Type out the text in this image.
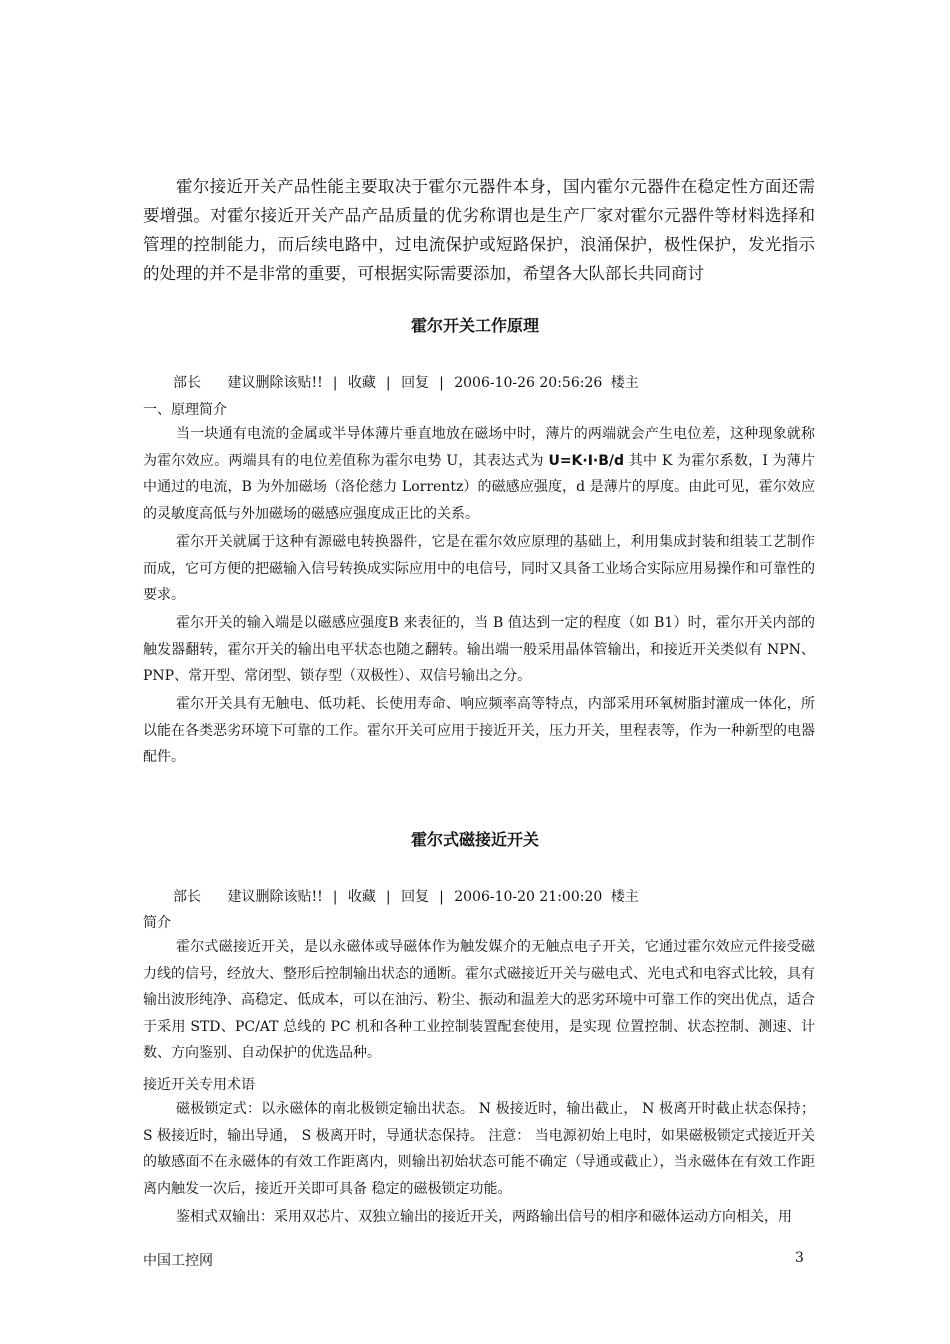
霍尔接近开关产品性能主要取决于霍尔元器件本身，国内霍尔元器件在稳定性方面还需要增强。对霍尔接近开关产品产品质量的优劣称谓也是生产厂家对霍尔元器件等材料选择和管理的控制能力，而后续电路中，过电流保护或短路保护，浪涌保护，极性保护，发光指示的处理的并不是非常的重要，可根据实际需要添加，希望各大队部长共同商讨

霍尔开关工作原理
部长 建议删除该贴!! | 收藏 | 回复 | 2006-10-26 20:56:26 楼主

一、原理简介

当一块通有电流的金属或半导体薄片垂直地放在磁场中时，薄片的两端就会产生电位差，这种现象就称为霍尔效应。两端具有的电位差值称为霍尔电势 U，其表达式为 U=K·I·B/d 其中 K 为霍尔系数，I 为薄片中通过的电流，B 为外加磁场（洛伦慈力 Lorrentz）的磁感应强度，d 是薄片的厚度。由此可见，霍尔效应的灵敏度高低与外加磁场的磁感应强度成正比的关系。

霍尔开关就属于这种有源磁电转换器件，它是在霍尔效应原理的基础上，利用集成封装和组装工艺制作而成，它可方便的把磁输入信号转换成实际应用中的电信号，同时又具备工业场合实际应用易操作和可靠性的要求。

霍尔开关的输入端是以磁感应强度B 来表征的，当 B 值达到一定的程度（如 B1）时，霍尔开关内部的触发器翻转，霍尔开关的输出电平状态也随之翻转。输出端一般采用晶体管输出，和接近开关类似有 NPN、PNP、常开型、常闭型、锁存型（双极性）、双信号输出之分。

霍尔开关具有无触电、低功耗、长使用寿命、响应频率高等特点，内部采用环氧树脂封灌成一体化，所以能在各类恶劣环境下可靠的工作。霍尔开关可应用于接近开关，压力开关，里程表等，作为一种新型的电器配件。

霍尔式磁接近开关
部长 建议删除该贴!! | 收藏 | 回复 | 2006-10-20 21:00:20 楼主

简介

霍尔式磁接近开关，是以永磁体或导磁体作为触发媒介的无触点电子开关，它通过霍尔效应元件接受磁力线的信号，经放大、整形后控制输出状态的通断。霍尔式磁接近开关与磁电式、光电式和电容式比较，具有输出波形纯净、高稳定、低成本，可以在油污、粉尘、振动和温差大的恶劣环境中可靠工作的突出优点，适合于采用 STD、PC/AT 总线的 PC 机和各种工业控制装置配套使用，是实现 位置控制、状态控制、测速、计数、方向鉴别、自动保护的优选品种。

接近开关专用术语

磁极锁定式：以永磁体的南北极锁定输出状态。 N 极接近时，输出截止， N 极离开时截止状态保持； S 极接近时，输出导通， S 极离开时，导通状态保持。 注意： 当电源初始上电时，如果磁极锁定式接近开关的敏感面不在永磁体的有效工作距离内，则输出初始状态可能不确定（导通或截止），当永磁体在有效工作距离内触发一次后，接近开关即可具备 稳定的磁极锁定功能。

鉴相式双输出：采用双芯片、双独立输出的接近开关，两路输出信号的相序和磁体运动方向相关，用

中国工控网	3
